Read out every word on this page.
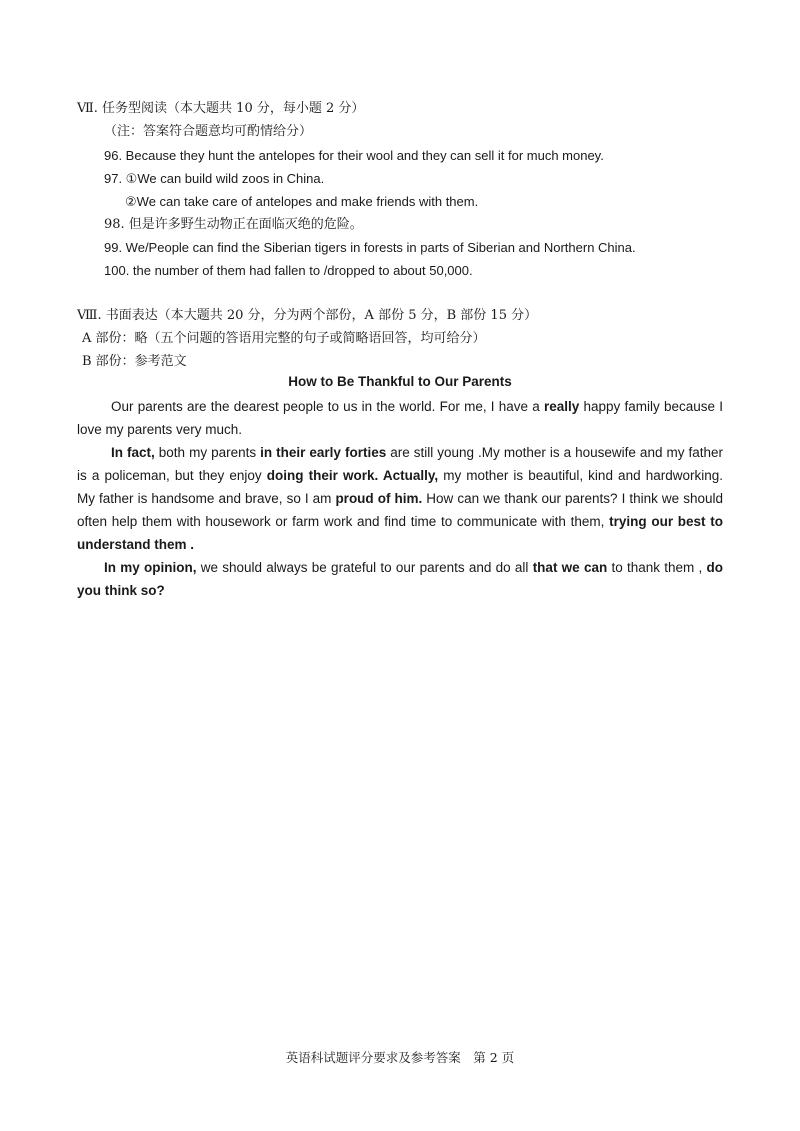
Ⅶ. 任务型阅读（本大题共 10 分，每小题 2 分）
（注：答案符合题意均可酌情给分）
96. Because they hunt the antelopes for their wool and they can sell it for much money.
97. ①We can build wild zoos in China.
②We can take care of antelopes and make friends with them.
98. 但是许多野生动物正在面临灭绝的危险。
99. We/People can find the Siberian tigers in forests in parts of Siberian and Northern China.
100. the number of them had fallen to /dropped to about 50,000.
Ⅷ. 书面表达（本大题共 20 分，分为两个部份，A 部份 5 分，B 部份 15 分）
A 部份：略（五个问题的答语用完整的句子或简略语回答，均可给分）
B 部份：参考范文
How to Be Thankful to Our Parents
Our parents are the dearest people to us in the world. For me, I have a really happy family because I love my parents very much.
In fact, both my parents in their early forties are still young .My mother is a housewife and my father is a policeman, but they enjoy doing their work. Actually, my mother is beautiful, kind and hardworking. My father is handsome and brave, so I am proud of him. How can we thank our parents? I think we should often help them with housework or farm work and find time to communicate with them, trying our best to understand them .
In my opinion, we should always be grateful to our parents and do all that we can to thank them , do you think so?
英语科试题评分要求及参考答案　第 2 页
